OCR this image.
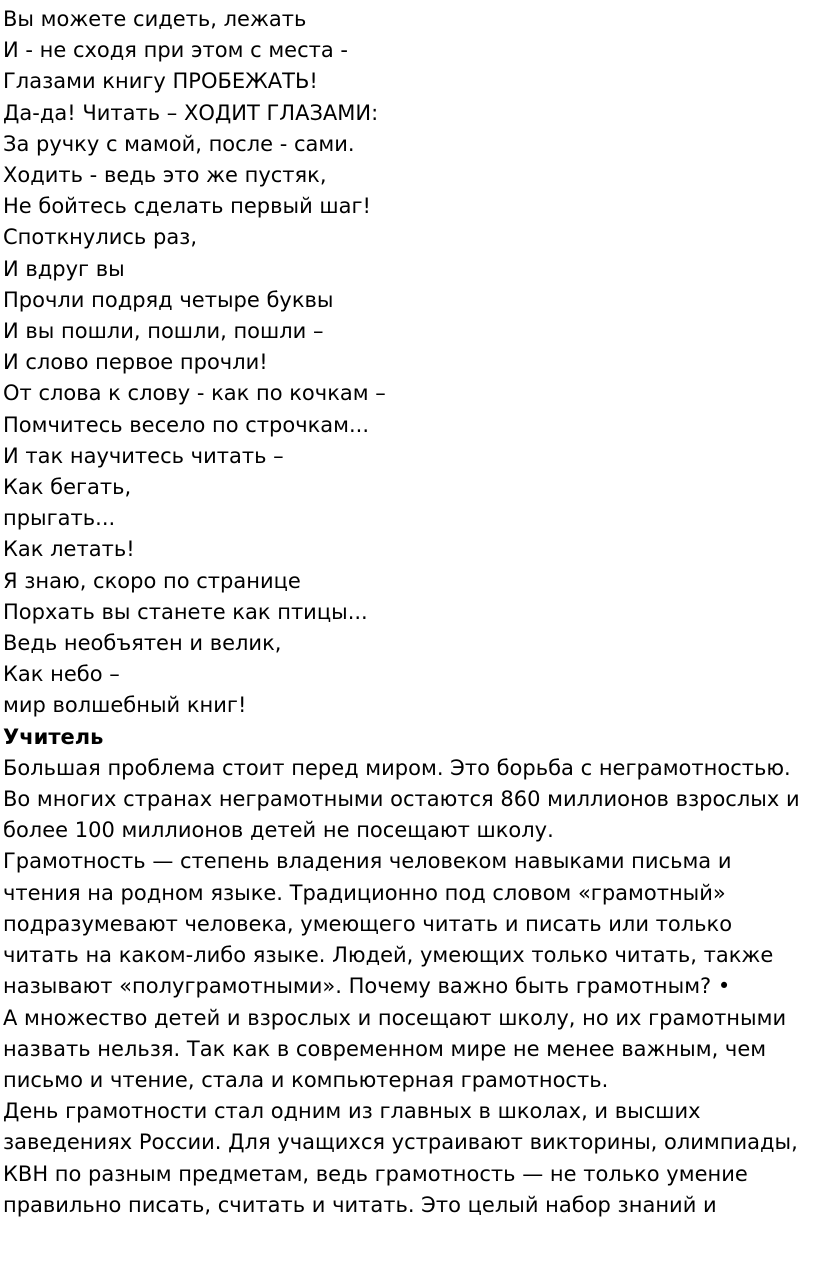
Вы можете сидеть, лежать
И - не сходя при этом с места -
Глазами книгу ПРОБЕЖАТЬ!
Да-да! Читать – ХОДИТ ГЛАЗАМИ:
За ручку с мамой, после - сами.
Ходить - ведь это же пустяк,
Не бойтесь сделать первый шаг!
Споткнулись раз,
И вдруг вы
Прочли подряд четыре буквы
И вы пошли, пошли, пошли –
И слово первое прочли!
От слова к слову - как по кочкам –
Помчитесь весело по строчкам...
И так научитесь читать –
Как бегать,
прыгать...
Как летать!
Я знаю, скоро по странице
Порхать вы станете как птицы...
Ведь необъятен и велик,
Как небо –
мир волшебный книг!
Учитель
Большая проблема стоит перед миром. Это борьба с неграмотностью.
Во многих странах неграмотными остаются 860 миллионов взрослых и
более 100 миллионов детей не посещают школу.
Грамотность — степень владения человеком навыками письма и
чтения на родном языке. Традиционно под словом «грамотный»
подразумевают человека, умеющего читать и писать или только
читать на каком-либо языке. Людей, умеющих только читать, также
называют «полуграмотными». Почему важно быть грамотным? •
А множество детей и взрослых и посещают школу, но их грамотными
назвать нельзя. Так как в современном мире не менее важным, чем
письмо и чтение, стала и компьютерная грамотность.
День грамотности стал одним из главных в школах, и высших
заведениях России. Для учащихся устраивают викторины, олимпиады,
КВН по разным предметам, ведь грамотность — не только умение
правильно писать, считать и читать. Это целый набор знаний и
